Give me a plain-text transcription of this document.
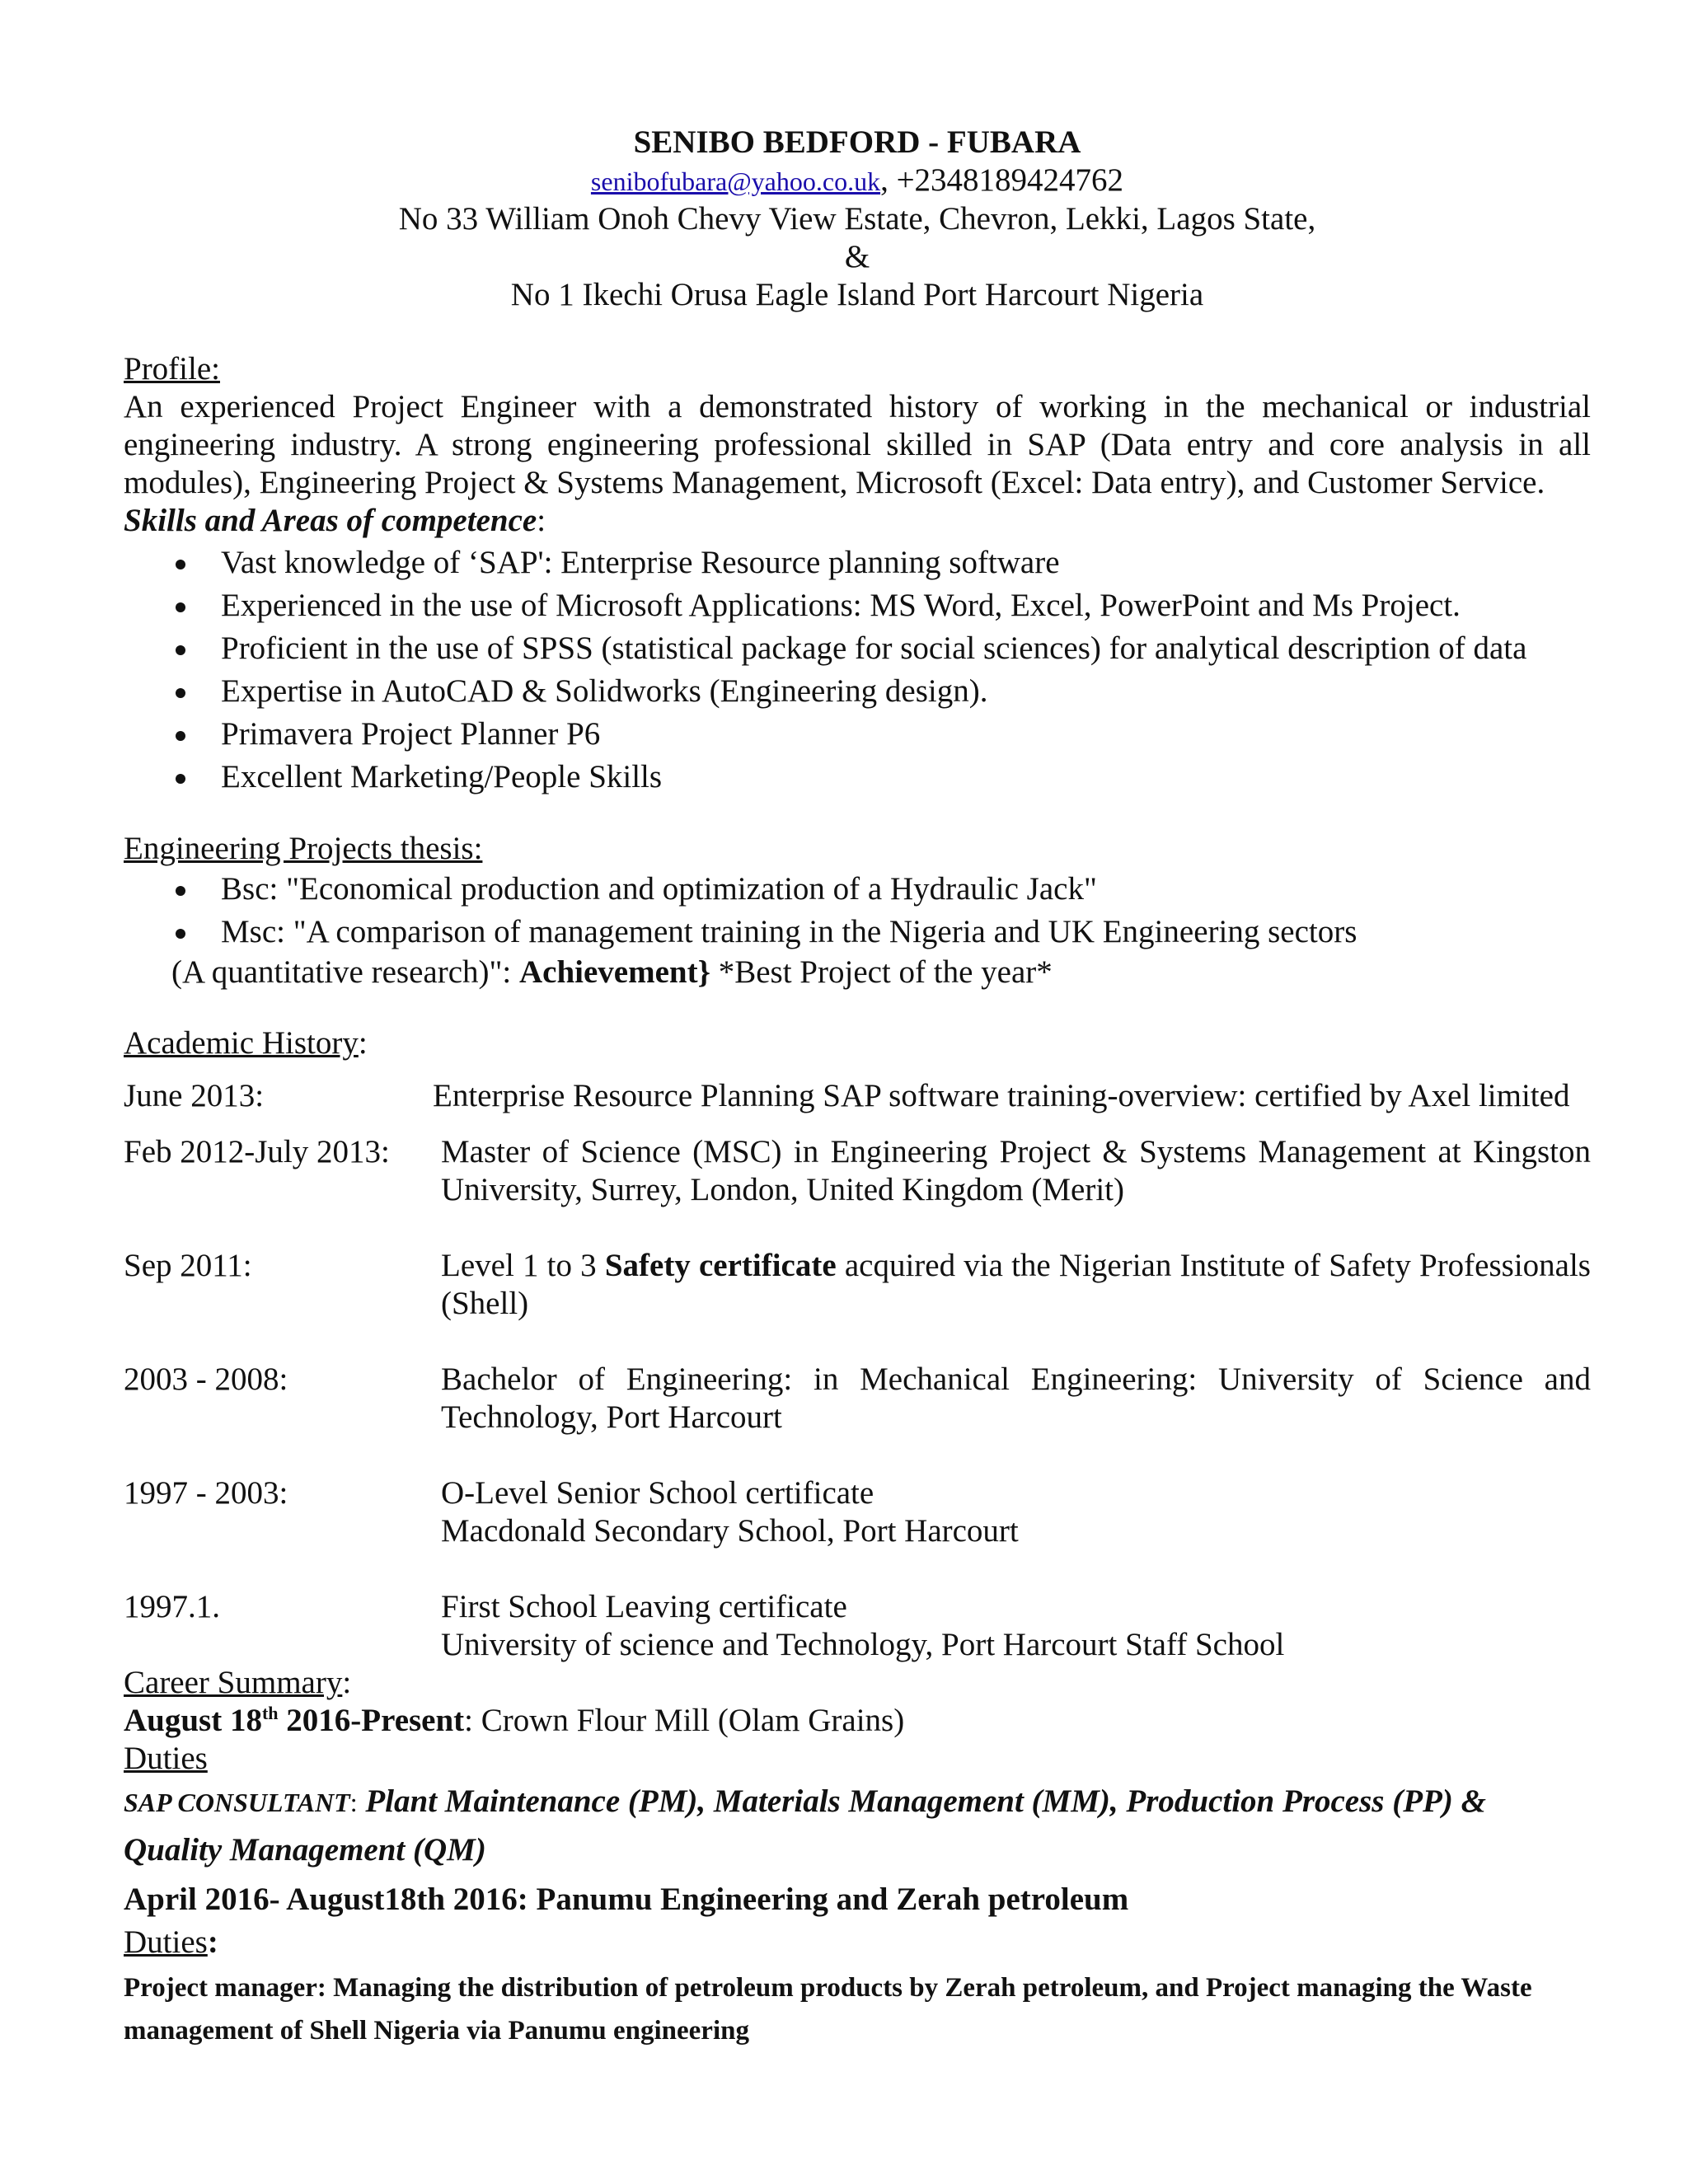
SENIBO BEDFORD - FUBARA
senibofubara@yahoo.co.uk, +2348189424762
No 33 William Onoh Chevy View Estate, Chevron, Lekki, Lagos State,
&
No 1 Ikechi Orusa Eagle Island Port Harcourt Nigeria
Profile:
An experienced Project Engineer with a demonstrated history of working in the mechanical or industrial engineering industry. A strong engineering professional skilled in SAP (Data entry and core analysis in all modules), Engineering Project & Systems Management, Microsoft (Excel: Data entry), and Customer Service.
Skills and Areas of competence:
Vast knowledge of ‘SAP': Enterprise Resource planning software
Experienced in the use of Microsoft Applications: MS Word, Excel, PowerPoint and Ms Project.
Proficient in the use of SPSS (statistical package for social sciences) for analytical description of data
Expertise in AutoCAD & Solidworks (Engineering design).
Primavera Project Planner P6
Excellent Marketing/People Skills
Engineering Projects thesis:
Bsc: "Economical production and optimization of a Hydraulic Jack"
Msc: "A comparison of management training in the Nigeria and UK Engineering sectors
(A quantitative research)": Achievement} *Best Project of the year*
Academic History:
June 2013:	Enterprise Resource Planning SAP software training-overview: certified by Axel limited
Feb 2012-July 2013: Master of Science (MSC) in Engineering Project & Systems Management at Kingston University, Surrey, London, United Kingdom (Merit)
Sep 2011:	Level 1 to 3 Safety certificate acquired via the Nigerian Institute of Safety Professionals (Shell)
2003 - 2008:	Bachelor of Engineering: in Mechanical Engineering: University of Science and Technology, Port Harcourt
1997 - 2003:	O-Level Senior School certificate
Macdonald Secondary School, Port Harcourt
1997.1.	First School Leaving certificate
University of science and Technology, Port Harcourt Staff School
Career Summary:
August 18th 2016-Present: Crown Flour Mill (Olam Grains)
Duties
SAP CONSULTANT: Plant Maintenance (PM), Materials Management (MM), Production Process (PP) & Quality Management (QM)
April 2016- August18th 2016: Panumu Engineering and Zerah petroleum
Duties:
Project manager: Managing the distribution of petroleum products by Zerah petroleum, and Project managing the Waste management of Shell Nigeria via Panumu engineering
